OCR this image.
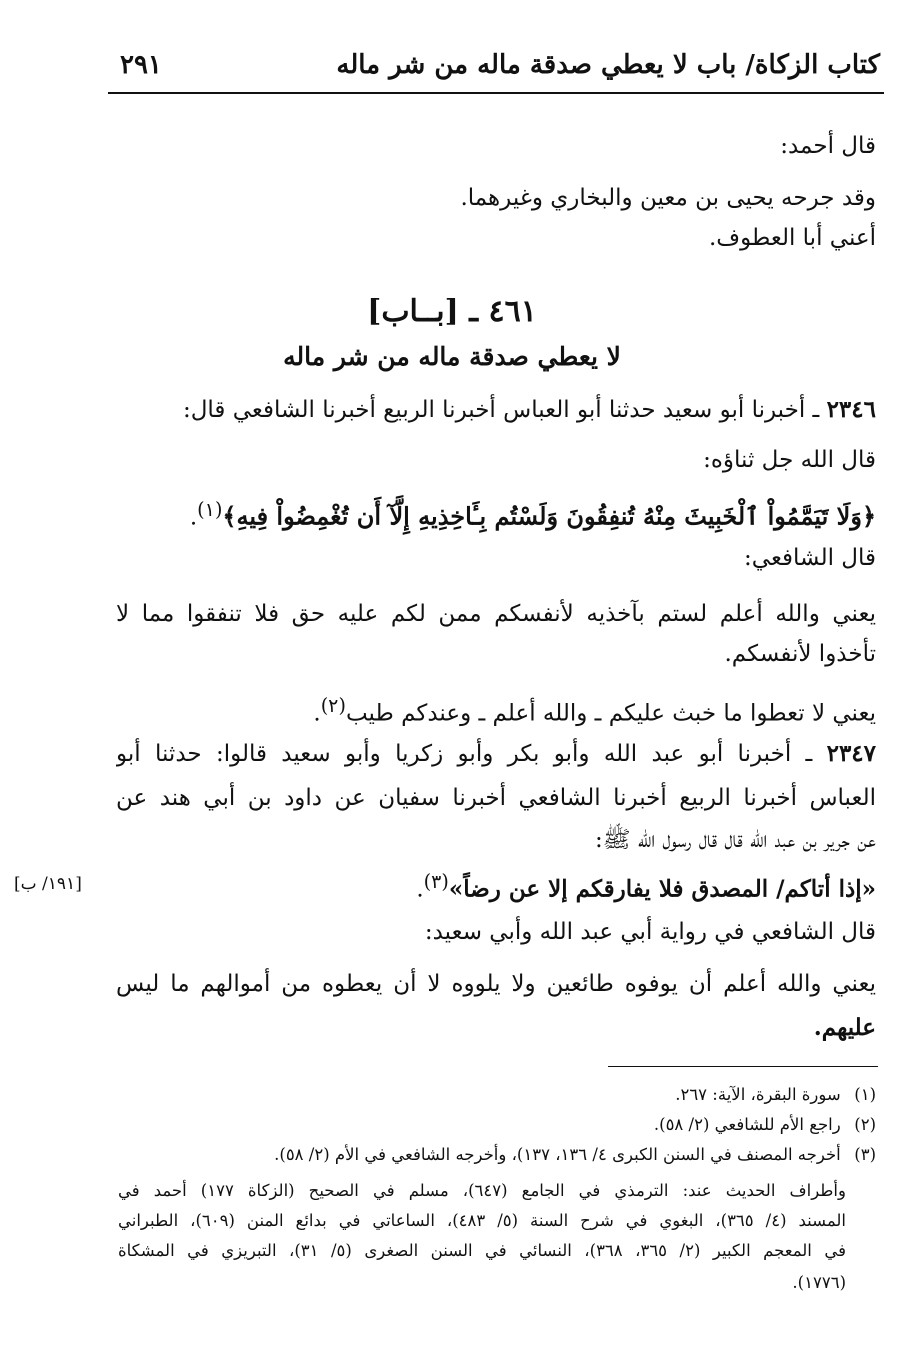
كتاب الزكاة/ باب لا يعطي صدقة ماله من شر ماله
٢٩١
قال أحمد:
وقد جرحه يحيى بن معين والبخاري وغيرهما.
أعني أبا العطوف.
٤٦١ ـ [بــاب]
لا يعطي صدقة ماله من شر ماله
٢٣٤٦ ـ أخبرنا أبو سعيد حدثنا أبو العباس أخبرنا الربيع أخبرنا الشافعي قال:
قال الله جل ثناؤه:
﴿وَلَا تَيَمَّمُواْ ٱلْخَبِيثَ مِنْهُ تُنفِقُونَ وَلَسْتُم بِـَٔاخِذِيهِ إِلَّآ أَن تُغْمِضُواْ فِيهِ﴾$^{(١)}$.
قال الشافعي:
يعني والله أعلم لستم بآخذيه لأنفسكم ممن لكم عليه حق فلا تنفقوا مما لا
تأخذوا لأنفسكم.
يعني لا تعطوا ما خبث عليكم ـ والله أعلم ـ وعندكم طيب$^{(٢)}$.
٢٣٤٧ ـ أخبرنا أبو عبد الله وأبو بكر وأبو زكريا وأبو سعيد قالوا: حدثنا أبو
العباس أخبرنا الربيع أخبرنا الشافعي أخبرنا سفيان عن داود بن أبي هند عن
عن جرير بن عبد الله قال قال رسول الله ﷺ:
«إذا أتاكم/ المصدق فلا يفارقكم إلا عن رضاً»$^{(٣)}$.
[١٩١/ ب]
قال الشافعي في رواية أبي عبد الله وأبي سعيد:
يعني والله أعلم أن يوفوه طائعين ولا يلووه لا أن يعطوه من أموالهم ما ليس
عليهم.
(١) سورة البقرة، الآية: ٢٦٧.
(٢) راجع الأم للشافعي (٢/ ٥٨).
(٣) أخرجه المصنف في السنن الكبرى ٤/ ١٣٦، ١٣٧)، وأخرجه الشافعي في الأم (٢/ ٥٨).
وأطراف الحديث عند: الترمذي في الجامع (٦٤٧)، مسلم في الصحيح (الزكاة ١٧٧) أحمد في
المسند (٤/ ٣٦٥)، البغوي في شرح السنة (٥/ ٤٨٣)، الساعاتي في بدائع المنن (٦٠٩)، الطبراني
في المعجم الكبير (٢/ ٣٦٥، ٣٦٨)، النسائي في السنن الصغرى (٥/ ٣١)، التبريزي في المشكاة
(١٧٧٦).
